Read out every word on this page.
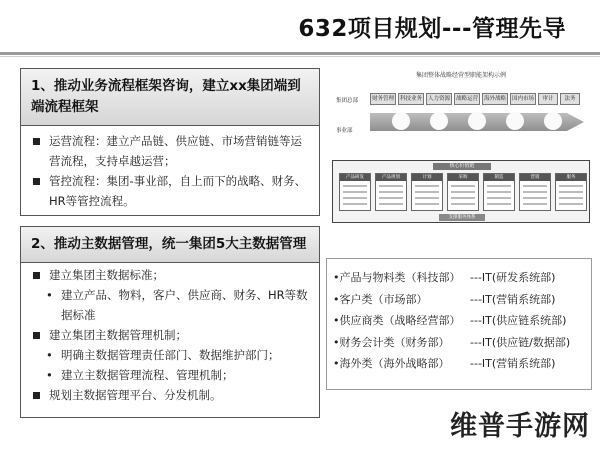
632项目规划---管理先导
1、推动业务流程框架咨询，建立xx集团端到端流程框架
运营流程：建立产品链、供应链、市场营销链等运营流程，支持卓越运营；
管控流程：集团-事业部，自上而下的战略、财务、HR等管控流程。
集团整体战略经营型职能架构示例
集团总部
事业部
财务管理	科技业务	人力资源	战略运营	海外战略	国内市场	审计	法务
核心价值链
产品研发	产品规划	计划	采购	制造	营销	服务
支撑服务体系
2、推动主数据管理，统一集团5大主数据管理
建立集团主数据标准；
• 建立产品、物料，客户、供应商、财务、HR等数据标准
建立集团主数据管理机制；
• 明确主数据管理责任部门、数据维护部门；
• 建立主数据管理流程、管理机制；
规划主数据管理平台、分发机制。
•产品与物料类（科技部） ---IT(研发系统部)
•客户类（市场部）	---IT(营销系统部)
•供应商类（战略经营部） ---IT(供应链系统部)
•财务会计类（财务部） ---IT(供应链/数据部)
•海外类（海外战略部） ---IT(营销系统部)
维普手游网
